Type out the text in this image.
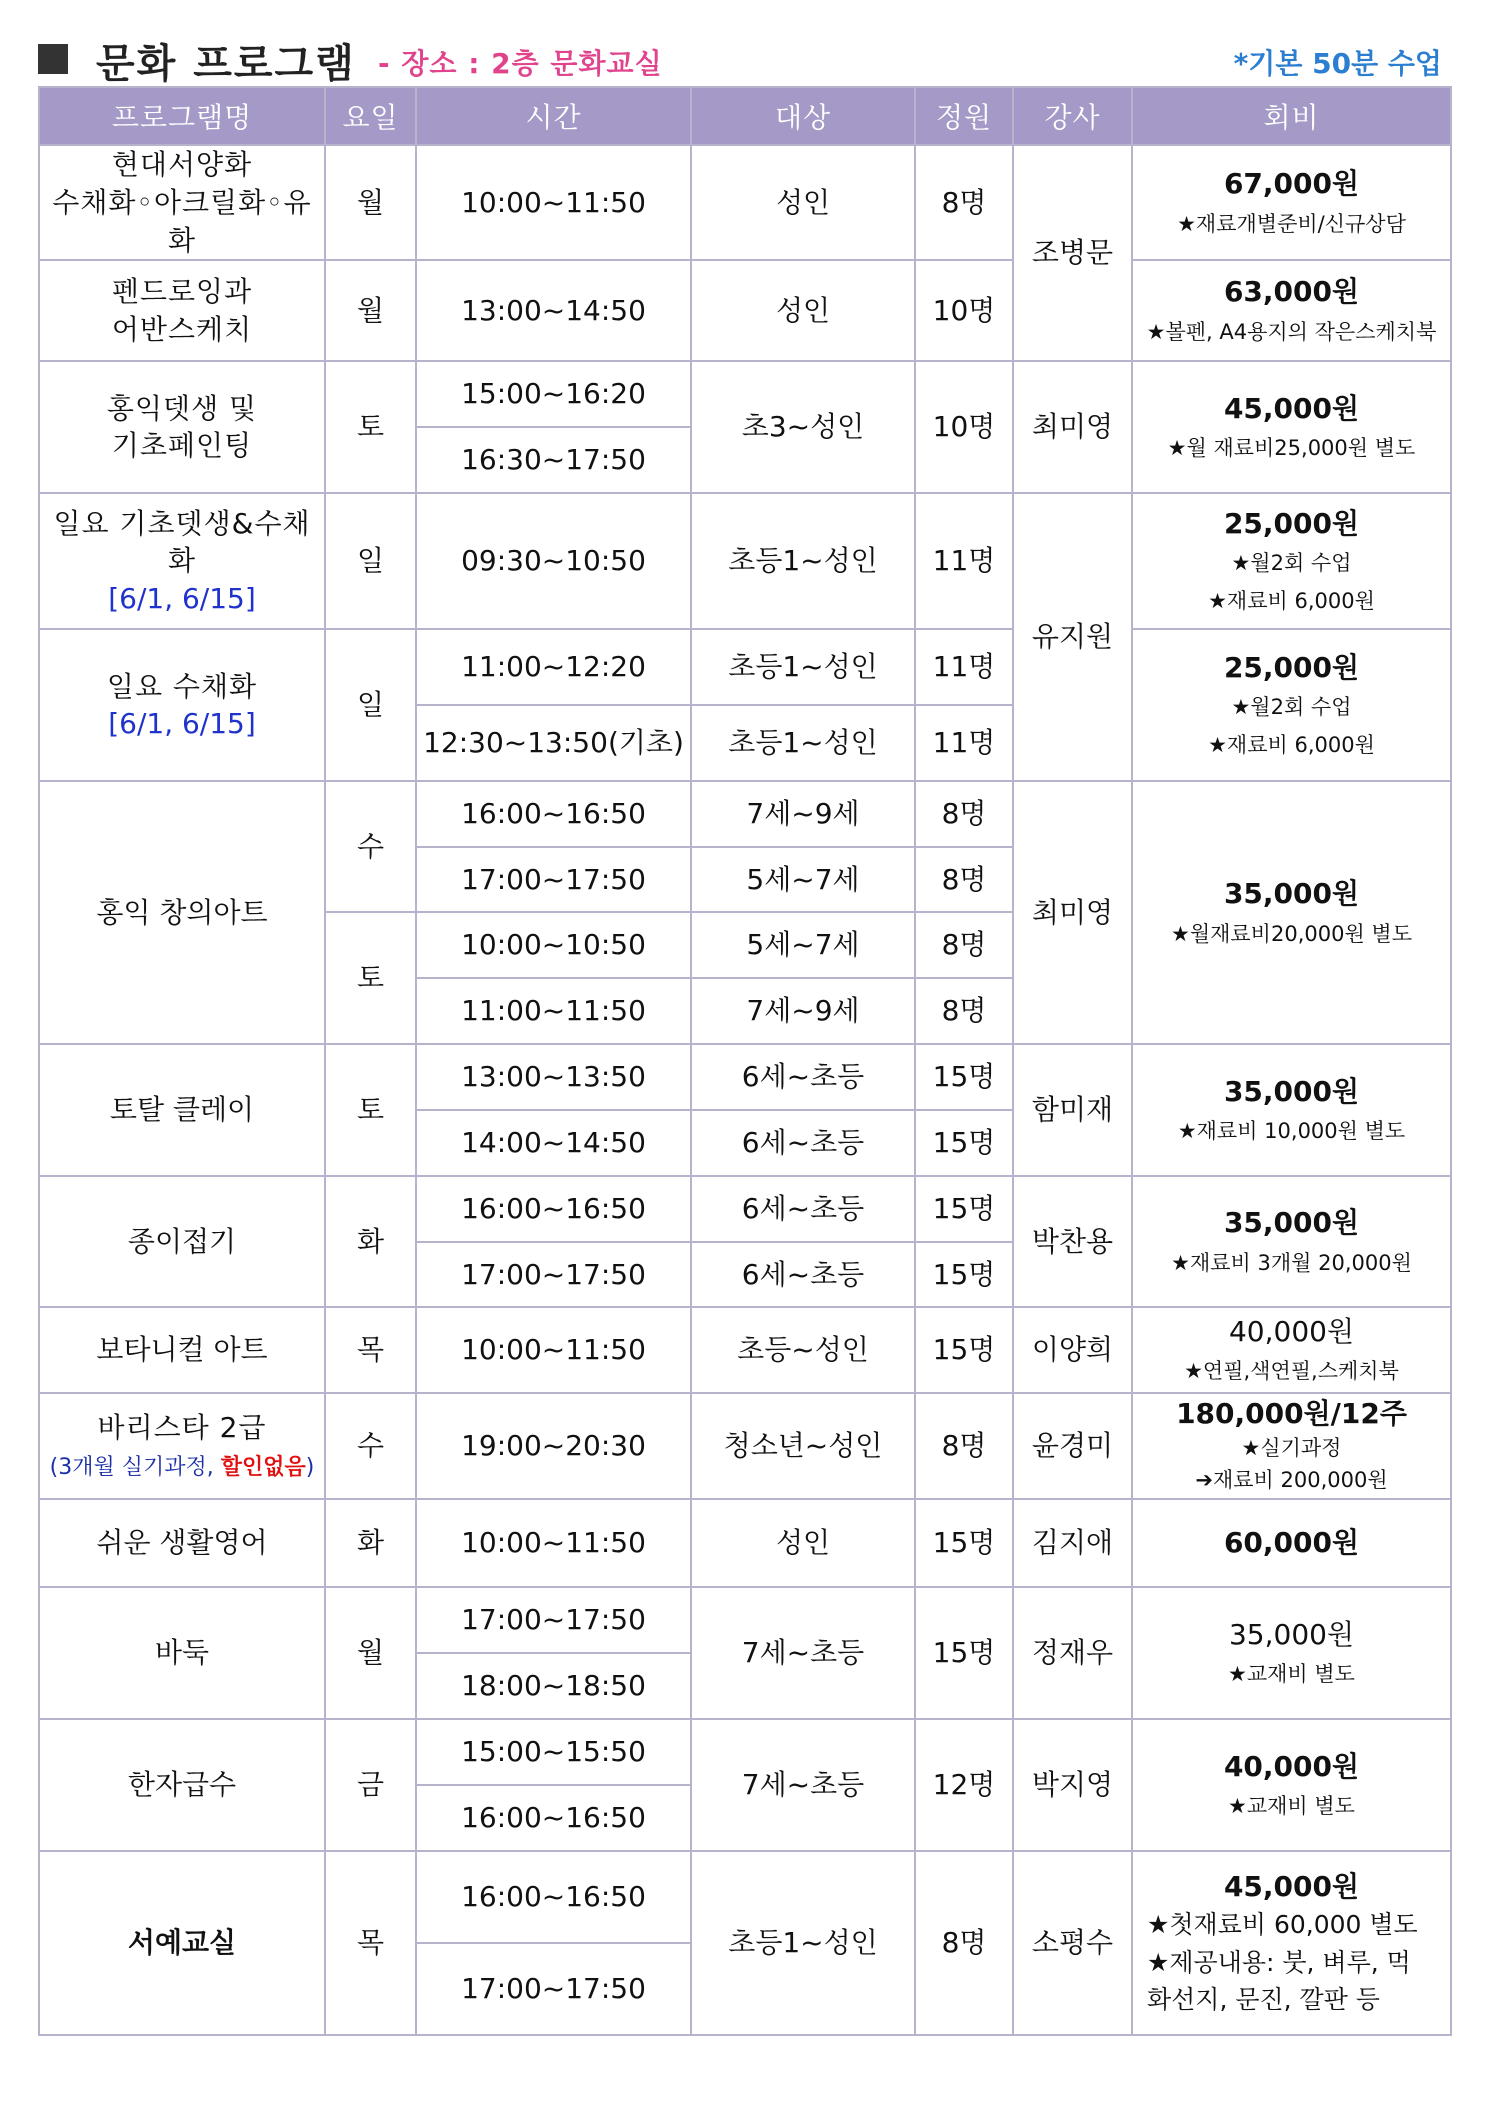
문화 프로그램 - 장소 : 2층 문화교실	*기본 50분 수업
프로그램명	요일	시간	대상	정원	강사	회비
현대서양화
수채화◦아크릴화◦유화	월	10:00~11:50	성인	8명	조병문	67,000원
★재료개별준비/신규상담
펜드로잉과
어반스케치	월	13:00~14:50	성인	10명		63,000원
★볼펜, A4용지의 작은스케치북
홍익뎃생 및
기초페인팅	토	15:00~16:20	초3~성인	10명	최미영	45,000원
★월 재료비25,000원 별도
		16:30~17:50				
일요 기초뎃생&수채화
[6/1, 6/15]	일	09:30~10:50	초등1~성인	11명	유지원	25,000원
★월2회 수업
★재료비 6,000원
일요 수채화
[6/1, 6/15]	일	11:00~12:20	초등1~성인	11명		25,000원
★월2회 수업
★재료비 6,000원
		12:30~13:50(기초)	초등1~성인	11명		
홍익 창의아트	수	16:00~16:50	7세~9세	8명	최미영	35,000원
★월재료비20,000원 별도
		17:00~17:50	5세~7세	8명		
	토	10:00~10:50	5세~7세	8명		
		11:00~11:50	7세~9세	8명		
토탈 클레이	토	13:00~13:50	6세~초등	15명	함미재	35,000원
★재료비 10,000원 별도
		14:00~14:50	6세~초등	15명		
종이접기	화	16:00~16:50	6세~초등	15명	박찬용	35,000원
★재료비 3개월 20,000원
		17:00~17:50	6세~초등	15명		
보타니컬 아트	목	10:00~11:50	초등~성인	15명	이양희	40,000원
★연필,색연필,스케치북
바리스타 2급
(3개월 실기과정, 할인없음)	수	19:00~20:30	청소년~성인	8명	윤경미	180,000원/12주
★실기과정
➔재료비 200,000원
쉬운 생활영어	화	10:00~11:50	성인	15명	김지애	60,000원
바둑	월	17:00~17:50	7세~초등	15명	정재우	35,000원
★교재비 별도
		18:00~18:50				
한자급수	금	15:00~15:50	7세~초등	12명	박지영	40,000원
★교재비 별도
		16:00~16:50				
서예교실	목	16:00~16:50	초등1~성인	8명	소평수	45,000원
★첫재료비 60,000 별도
★제공내용: 붓, 벼루, 먹
화선지, 문진, 깔판 등

		17:00~17:50				
